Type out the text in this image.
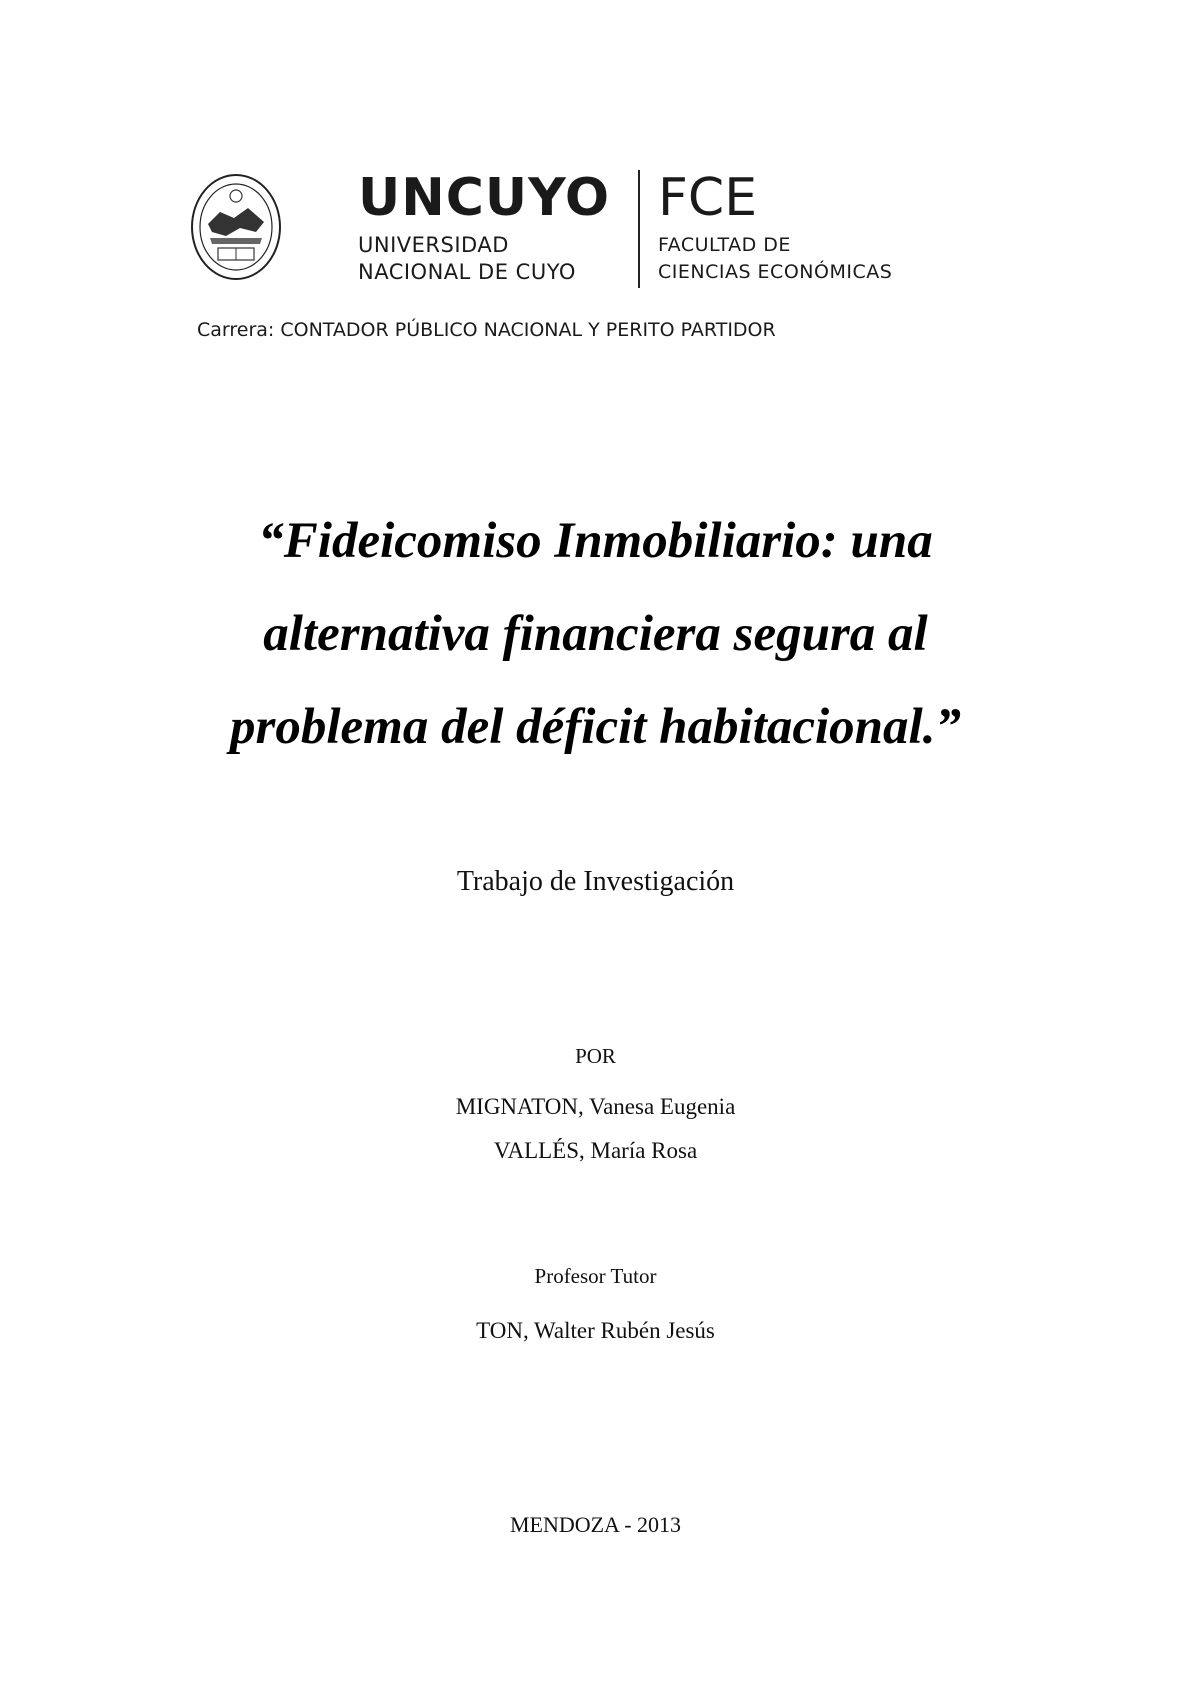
UNCUYO
UNIVERSIDAD
NACIONAL DE CUYO
FCE
FACULTAD DE
CIENCIAS ECONÓMICAS
Carrera: CONTADOR PÚBLICO NACIONAL Y PERITO PARTIDOR
“Fideicomiso Inmobiliario: una
alternativa financiera segura al
problema del déficit habitacional.”
Trabajo de Investigación
POR
MIGNATON, Vanesa Eugenia
VALLÉS, María Rosa
Profesor Tutor
TON, Walter Rubén Jesús
MENDOZA - 2013
